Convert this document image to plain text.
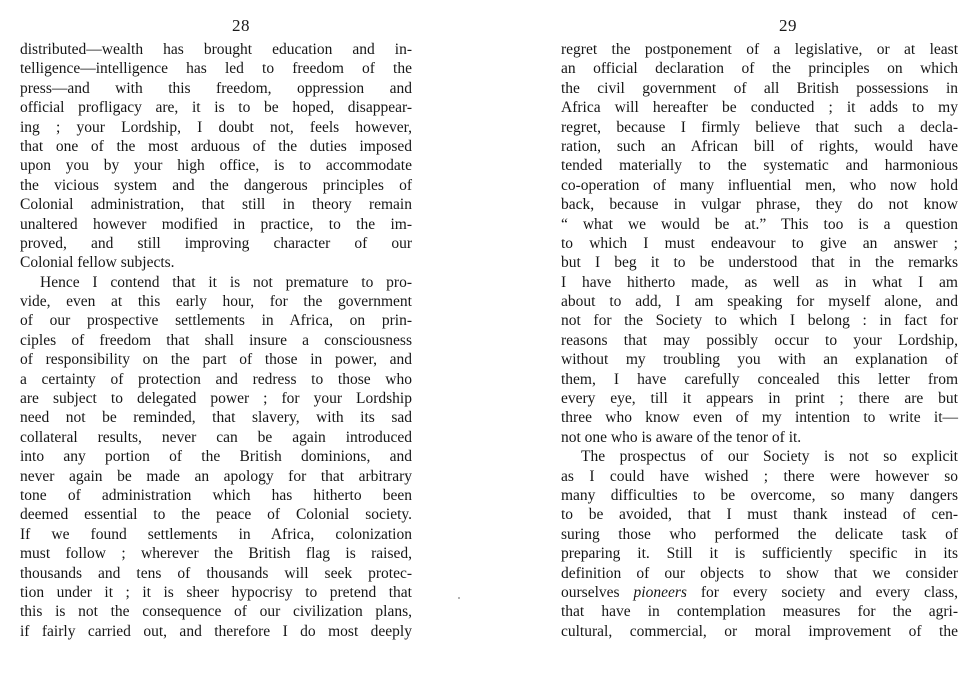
28
distributed—wealth has brought education and in-
telligence—intelligence has led to freedom of the
press—and with this freedom, oppression and
official profligacy are, it is to be hoped, disappear-
ing ; your Lordship, I doubt not, feels however,
that one of the most arduous of the duties imposed
upon you by your high office, is to accommodate
the vicious system and the dangerous principles of
Colonial administration, that still in theory remain
unaltered however modified in practice, to the im-
proved, and still improving character of our
Colonial fellow subjects.
Hence I contend that it is not premature to pro-
vide, even at this early hour, for the government
of our prospective settlements in Africa, on prin-
ciples of freedom that shall insure a consciousness
of responsibility on the part of those in power, and
a certainty of protection and redress to those who
are subject to delegated power ; for your Lordship
need not be reminded, that slavery, with its sad
collateral results, never can be again introduced
into any portion of the British dominions, and
never again be made an apology for that arbitrary
tone of administration which has hitherto been
deemed essential to the peace of Colonial society.
If we found settlements in Africa, colonization
must follow ; wherever the British flag is raised,
thousands and tens of thousands will seek protec-
tion under it ; it is sheer hypocrisy to pretend that
this is not the consequence of our civilization plans,
if fairly carried out, and therefore I do most deeply
29
regret the postponement of a legislative, or at least
an official declaration of the principles on which
the civil government of all British possessions in
Africa will hereafter be conducted ; it adds to my
regret, because I firmly believe that such a decla-
ration, such an African bill of rights, would have
tended materially to the systematic and harmonious
co-operation of many influential men, who now hold
back, because in vulgar phrase, they do not know
“ what we would be at.” This too is a question
to which I must endeavour to give an answer ;
but I beg it to be understood that in the remarks
I have hitherto made, as well as in what I am
about to add, I am speaking for myself alone, and
not for the Society to which I belong : in fact for
reasons that may possibly occur to your Lordship,
without my troubling you with an explanation of
them, I have carefully concealed this letter from
every eye, till it appears in print ; there are but
three who know even of my intention to write it—
not one who is aware of the tenor of it.
The prospectus of our Society is not so explicit
as I could have wished ; there were however so
many difficulties to be overcome, so many dangers
to be avoided, that I must thank instead of cen-
suring those who performed the delicate task of
preparing it. Still it is sufficiently specific in its
definition of our objects to show that we consider
ourselves pioneers for every society and every class,
that have in contemplation measures for the agri-
cultural, commercial, or moral improvement of the
